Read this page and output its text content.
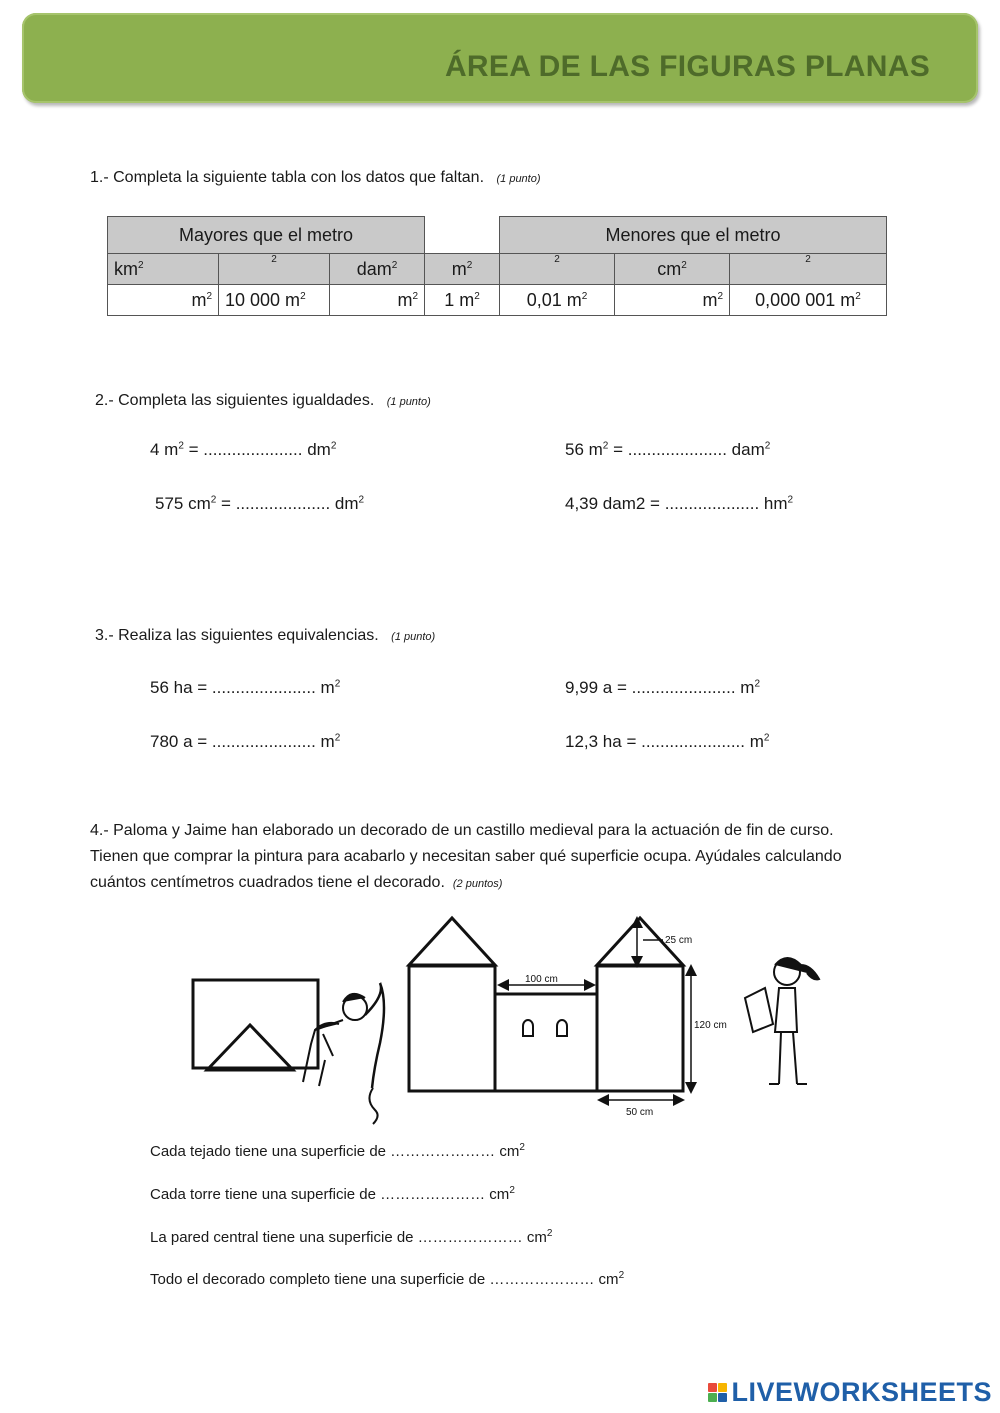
ÁREA DE LAS FIGURAS PLANAS

1.- Completa la siguiente tabla con los datos que faltan. (1 punto)

Mayores que el metro				Menores que el metro		
$km^2$	$^2$	dam$^2$	$m^2$	$^2$	$cm^2$	$^2$
$m^2$	10 000 $m^2$	$m^2$	1 $m^2$	0,01 $m^2$	$m^2$	0,000 001 $m^2$

2.- Completa las siguientes igualdades. (1 punto)

4 $m^2$ = ..................... $dm^2$	56 $m^2$ = ..................... dam$^2$
575 $cm^2$ = .................... $dm^2$	4,39 dam2 = .................... $hm^2$

3.- Realiza las siguientes equivalencias. (1 punto)

56 ha = ...................... $m^2$	9,99 a = ...................... $m^2$
780 a = ...................... $m^2$	12,3 ha = ...................... $m^2$
4.- Paloma y Jaime han elaborado un decorado de un castillo medieval para la actuación de fin de curso.
Tienen que comprar la pintura para acabarlo y necesitan saber qué superficie ocupa. Ayúdales calculando
cuántos centímetros cuadrados tiene el decorado. (2 puntos)
25 cm
100 cm
120 cm
50 cm
Cada tejado tiene una superficie de ………………… $cm^2$
Cada torre tiene una superficie de ………………… $cm^2$
La pared central tiene una superficie de ………………… $cm^2$
Todo el decorado completo tiene una superficie de ………………… $cm^2$
LIVEWORKSHEETS
